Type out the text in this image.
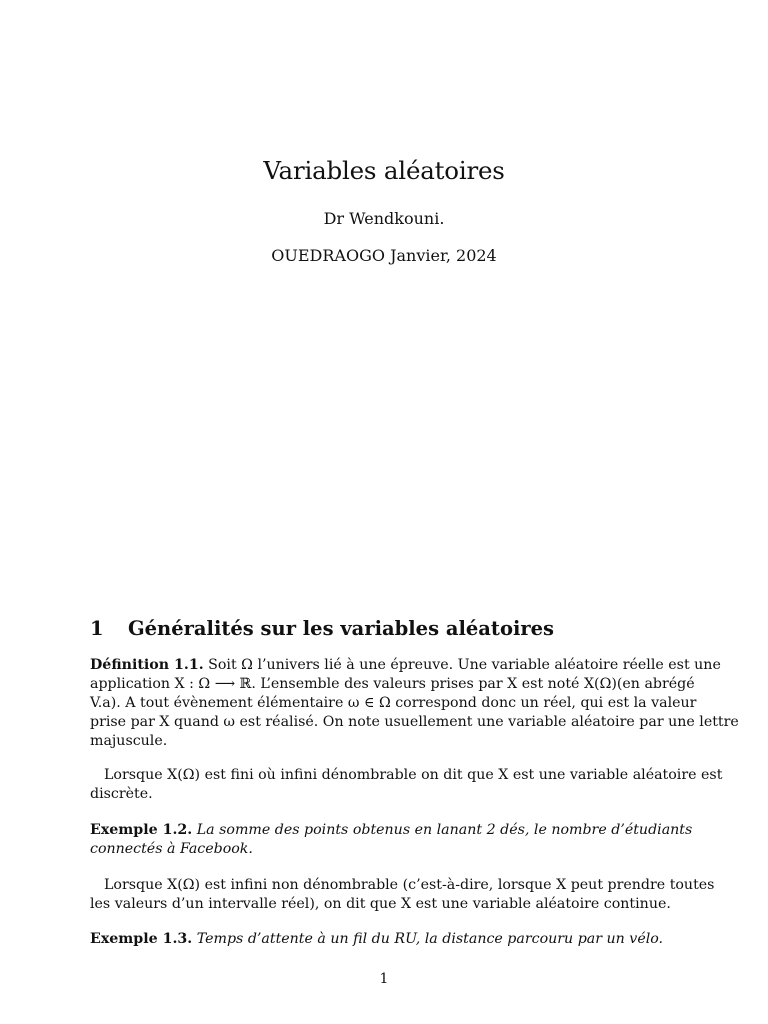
Variables aléatoires
Dr Wendkouni.
OUEDRAOGO Janvier, 2024
1 Généralités sur les variables aléatoires
Définition 1.1. Soit Ω l’univers lié à une épreuve. Une variable aléatoire réelle est une
application X : Ω ⟶ ℝ. L’ensemble des valeurs prises par X est noté X(Ω)(en abrégé
V.a). A tout évènement élémentaire ω ∈ Ω correspond donc un réel, qui est la valeur
prise par X quand ω est réalisé. On note usuellement une variable aléatoire par une lettre
majuscule.
Lorsque X(Ω) est fini où infini dénombrable on dit que X est une variable aléatoire est
discrète.
Exemple 1.2. La somme des points obtenus en lanant 2 dés, le nombre d’étudiants
connectés à Facebook.
Lorsque X(Ω) est infini non dénombrable (c’est-à-dire, lorsque X peut prendre toutes
les valeurs d’un intervalle réel), on dit que X est une variable aléatoire continue.
Exemple 1.3. Temps d’attente à un fil du RU, la distance parcouru par un vélo.
1
